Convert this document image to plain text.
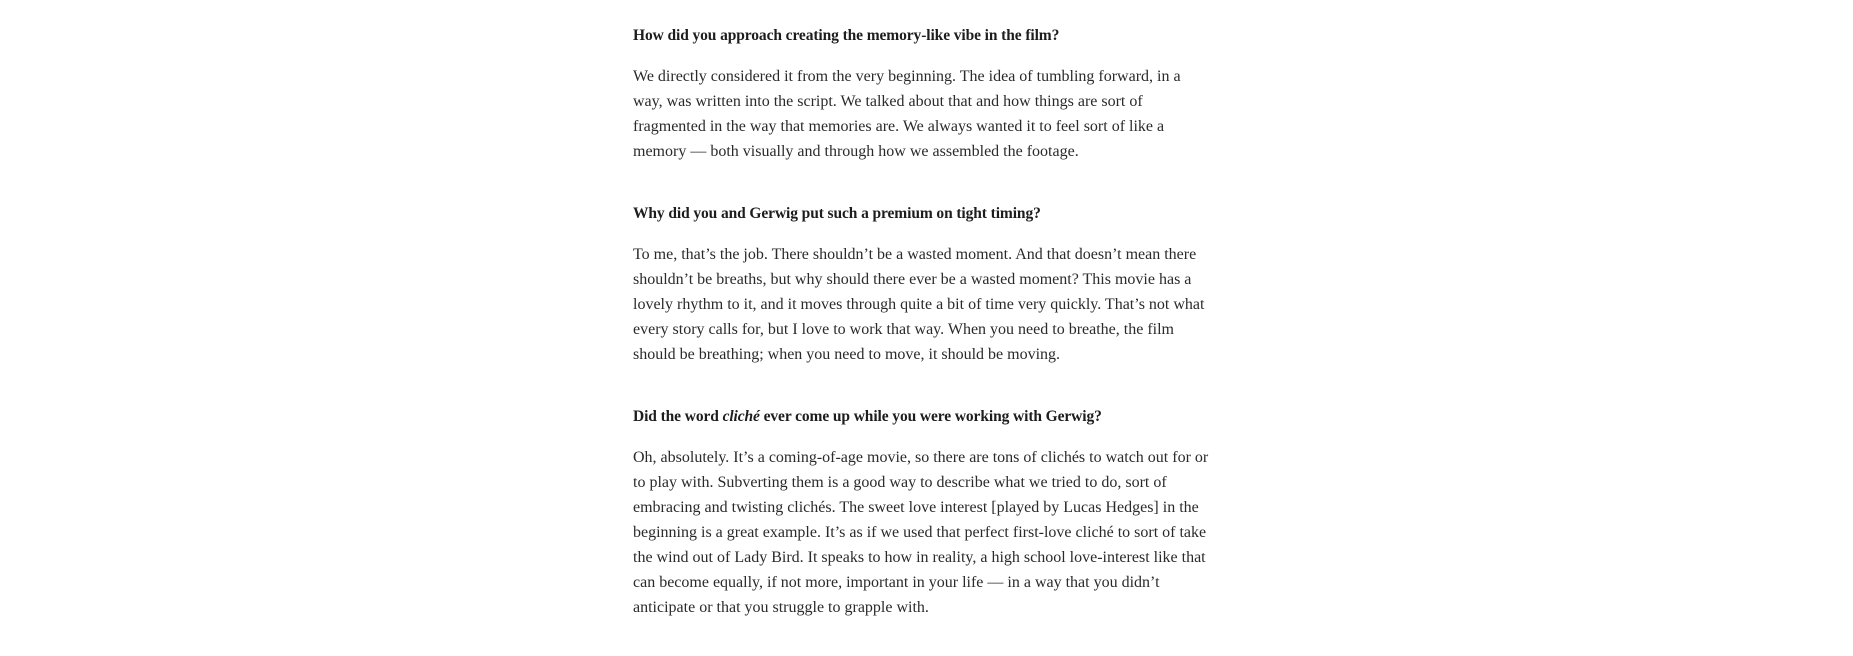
How did you approach creating the memory-like vibe in the film?

We directly considered it from the very beginning. The idea of tumbling forward, in a
way, was written into the script. We talked about that and how things are sort of
fragmented in the way that memories are. We always wanted it to feel sort of like a
memory — both visually and through how we assembled the footage.

Why did you and Gerwig put such a premium on tight timing?

To me, that’s the job. There shouldn’t be a wasted moment. And that doesn’t mean there
shouldn’t be breaths, but why should there ever be a wasted moment? This movie has a
lovely rhythm to it, and it moves through quite a bit of time very quickly. That’s not what
every story calls for, but I love to work that way. When you need to breathe, the film
should be breathing; when you need to move, it should be moving.

Did the word cliché ever come up while you were working with Gerwig?

Oh, absolutely. It’s a coming-of-age movie, so there are tons of clichés to watch out for or
to play with. Subverting them is a good way to describe what we tried to do, sort of
embracing and twisting clichés. The sweet love interest [played by Lucas Hedges] in the
beginning is a great example. It’s as if we used that perfect first-love cliché to sort of take
the wind out of Lady Bird. It speaks to how in reality, a high school love-interest like that
can become equally, if not more, important in your life — in a way that you didn’t
anticipate or that you struggle to grapple with.
